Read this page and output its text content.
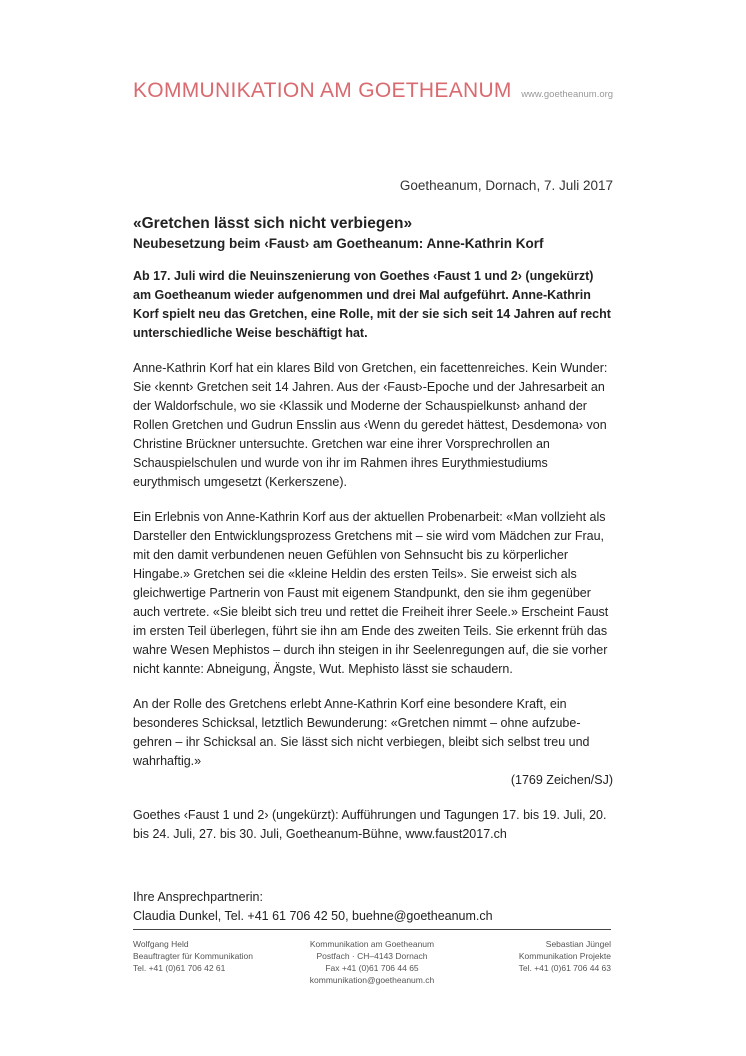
KOMMUNIKATION AM GOETHEANUM www.goetheanum.org
Goetheanum, Dornach, 7. Juli 2017
«Gretchen lässt sich nicht verbiegen»
Neubesetzung beim ‹Faust› am Goetheanum: Anne-Kathrin Korf

Ab 17. Juli wird die Neuinszenierung von Goethes ‹Faust 1 und 2› (ungekürzt) am Goetheanum wieder aufgenommen und drei Mal aufgeführt. Anne-Kathrin Korf spielt neu das Gretchen, eine Rolle, mit der sie sich seit 14 Jahren auf recht unterschiedliche Weise beschäftigt hat.

Anne-Kathrin Korf hat ein klares Bild von Gretchen, ein facettenreiches. Kein Wunder: Sie ‹kennt› Gretchen seit 14 Jahren. Aus der ‹Faust›-Epoche und der Jahresarbeit an der Waldorfschule, wo sie ‹Klassik und Moderne der Schauspielkunst› anhand der Rollen Gretchen und Gudrun Ensslin aus ‹Wenn du geredet hättest, Desdemona› von Christine Brückner untersuchte. Gretchen war eine ihrer Vorsprechrollen an Schauspielschulen und wurde von ihr im Rahmen ihres Eurythmiestudiums eurythmisch umgesetzt (Kerkerszene).

Ein Erlebnis von Anne-Kathrin Korf aus der aktuellen Probenarbeit: «Man vollzieht als Darsteller den Entwicklungsprozess Gretchens mit – sie wird vom Mädchen zur Frau, mit den damit verbundenen neuen Gefühlen von Sehnsucht bis zu körperlicher Hingabe.» Gretchen sei die «kleine Heldin des ersten Teils». Sie erweist sich als gleichwertige Partnerin von Faust mit eigenem Standpunkt, den sie ihm gegenüber auch vertrete. «Sie bleibt sich treu und rettet die Freiheit ihrer Seele.» Erscheint Faust im ersten Teil überlegen, führt sie ihn am Ende des zweiten Teils. Sie erkennt früh das wahre Wesen Mephistos – durch ihn steigen in ihr Seelenregungen auf, die sie vorher nicht kannte: Abneigung, Ängste, Wut. Mephisto lässt sie schaudern.

An der Rolle des Gretchens erlebt Anne-Kathrin Korf eine besondere Kraft, ein besonderes Schicksal, letztlich Bewunderung: «Gretchen nimmt – ohne aufzubegehren – ihr Schicksal an. Sie lässt sich nicht verbiegen, bleibt sich selbst treu und wahrhaftig.»

(1769 Zeichen/SJ)

Goethes ‹Faust 1 und 2› (ungekürzt): Aufführungen und Tagungen 17. bis 19. Juli, 20. bis 24. Juli, 27. bis 30. Juli, Goetheanum-Bühne, www.faust2017.ch

Ihre Ansprechpartnerin:
Claudia Dunkel, Tel. +41 61 706 42 50, buehne@goetheanum.ch
Wolfgang Held
Beauftragter für Kommunikation
Tel. +41 (0)61 706 42 61
Kommunikation am Goetheanum
Postfach · CH–4143 Dornach
Fax +41 (0)61 706 44 65
kommunikation@goetheanum.ch
Sebastian Jüngel
Kommunikation Projekte
Tel. +41 (0)61 706 44 63
